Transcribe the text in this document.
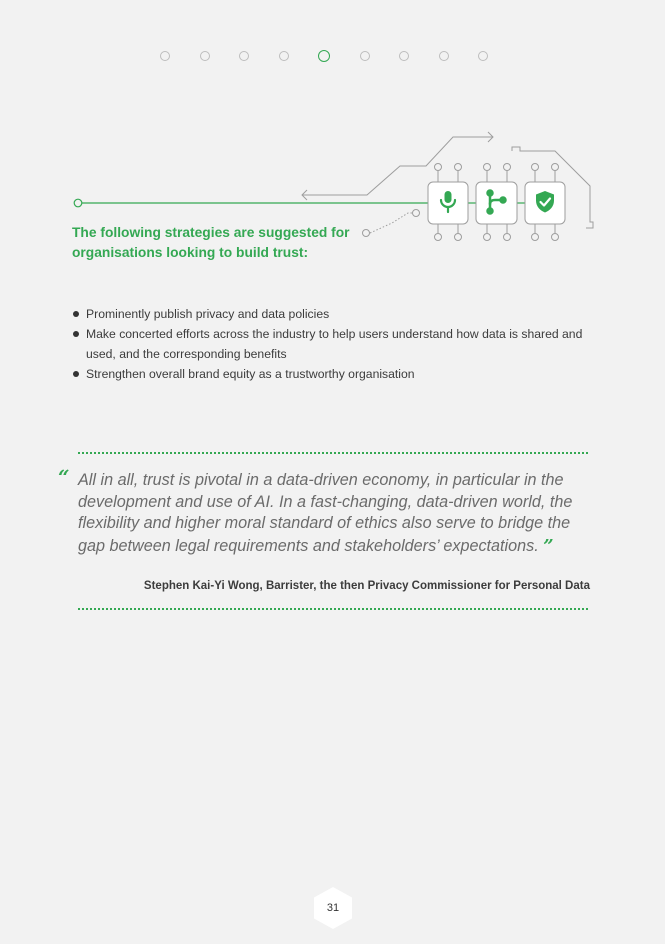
The following strategies are suggested for organisations looking to build trust:
Prominently publish privacy and data policies
Make concerted efforts across the industry to help users understand how data is shared and used, and the corresponding benefits
Strengthen overall brand equity as a trustworthy organisation
“ All in all, trust is pivotal in a data-driven economy, in particular in the development and use of AI. In a fast-changing, data-driven world, the flexibility and higher moral standard of ethics also serve to bridge the gap between legal requirements and stakeholders’ expectations. ”
Stephen Kai-Yi Wong, Barrister, the then Privacy Commissioner for Personal Data
31
